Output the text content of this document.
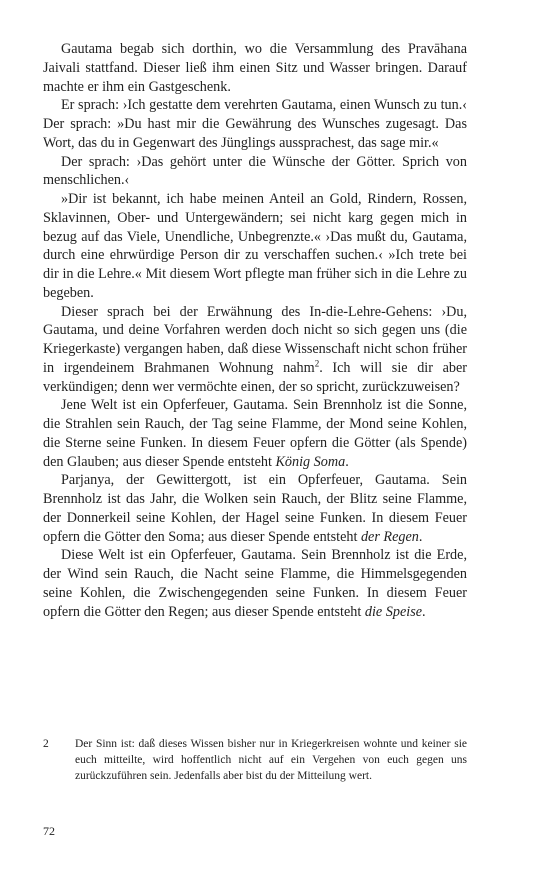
Gautama begab sich dorthin, wo die Versammlung des Pravāhana Jaivali stattfand. Dieser ließ ihm einen Sitz und Wasser bringen. Darauf machte er ihm ein Gastgeschenk.

Er sprach: ›Ich gestatte dem verehrten Gautama, einen Wunsch zu tun.‹ Der sprach: »Du hast mir die Gewährung des Wunsches zugesagt. Das Wort, das du in Gegenwart des Jünglings aussprachest, das sage mir.«

Der sprach: ›Das gehört unter die Wünsche der Götter. Sprich von menschlichen.‹

»Dir ist bekannt, ich habe meinen Anteil an Gold, Rindern, Rossen, Sklavinnen, Ober- und Untergewändern; sei nicht karg gegen mich in bezug auf das Viele, Unendliche, Unbegrenzte.« ›Das mußt du, Gautama, durch eine ehrwürdige Person dir zu verschaffen suchen.‹ »Ich trete bei dir in die Lehre.« Mit diesem Wort pflegte man früher sich in die Lehre zu begeben.

Dieser sprach bei der Erwähnung des In-die-Lehre-Gehens: ›Du, Gautama, und deine Vorfahren werden doch nicht so sich gegen uns (die Kriegerkaste) vergangen haben, daß diese Wissenschaft nicht schon früher in irgendeinem Brahmanen Wohnung nahm$^2$. Ich will sie dir aber verkündigen; denn wer vermöchte einen, der so spricht, zurückzuweisen?

Jene Welt ist ein Opferfeuer, Gautama. Sein Brennholz ist die Sonne, die Strahlen sein Rauch, der Tag seine Flamme, der Mond seine Kohlen, die Sterne seine Funken. In diesem Feuer opfern die Götter (als Spende) den Glauben; aus dieser Spende entsteht König Soma.

Parjanya, der Gewittergott, ist ein Opferfeuer, Gautama. Sein Brennholz ist das Jahr, die Wolken sein Rauch, der Blitz seine Flamme, der Donnerkeil seine Kohlen, der Hagel seine Funken. In diesem Feuer opfern die Götter den Soma; aus dieser Spende entsteht der Regen.

Diese Welt ist ein Opferfeuer, Gautama. Sein Brennholz ist die Erde, der Wind sein Rauch, die Nacht seine Flamme, die Himmelsgegenden seine Kohlen, die Zwischengegenden seine Funken. In diesem Feuer opfern die Götter den Regen; aus dieser Spende entsteht die Speise.

2	Der Sinn ist: daß dieses Wissen bisher nur in Kriegerkreisen wohnte und keiner sie euch mitteilte, wird hoffentlich nicht auf ein Vergehen von euch gegen uns zurückzuführen sein. Jedenfalls aber bist du der Mitteilung wert.
72
